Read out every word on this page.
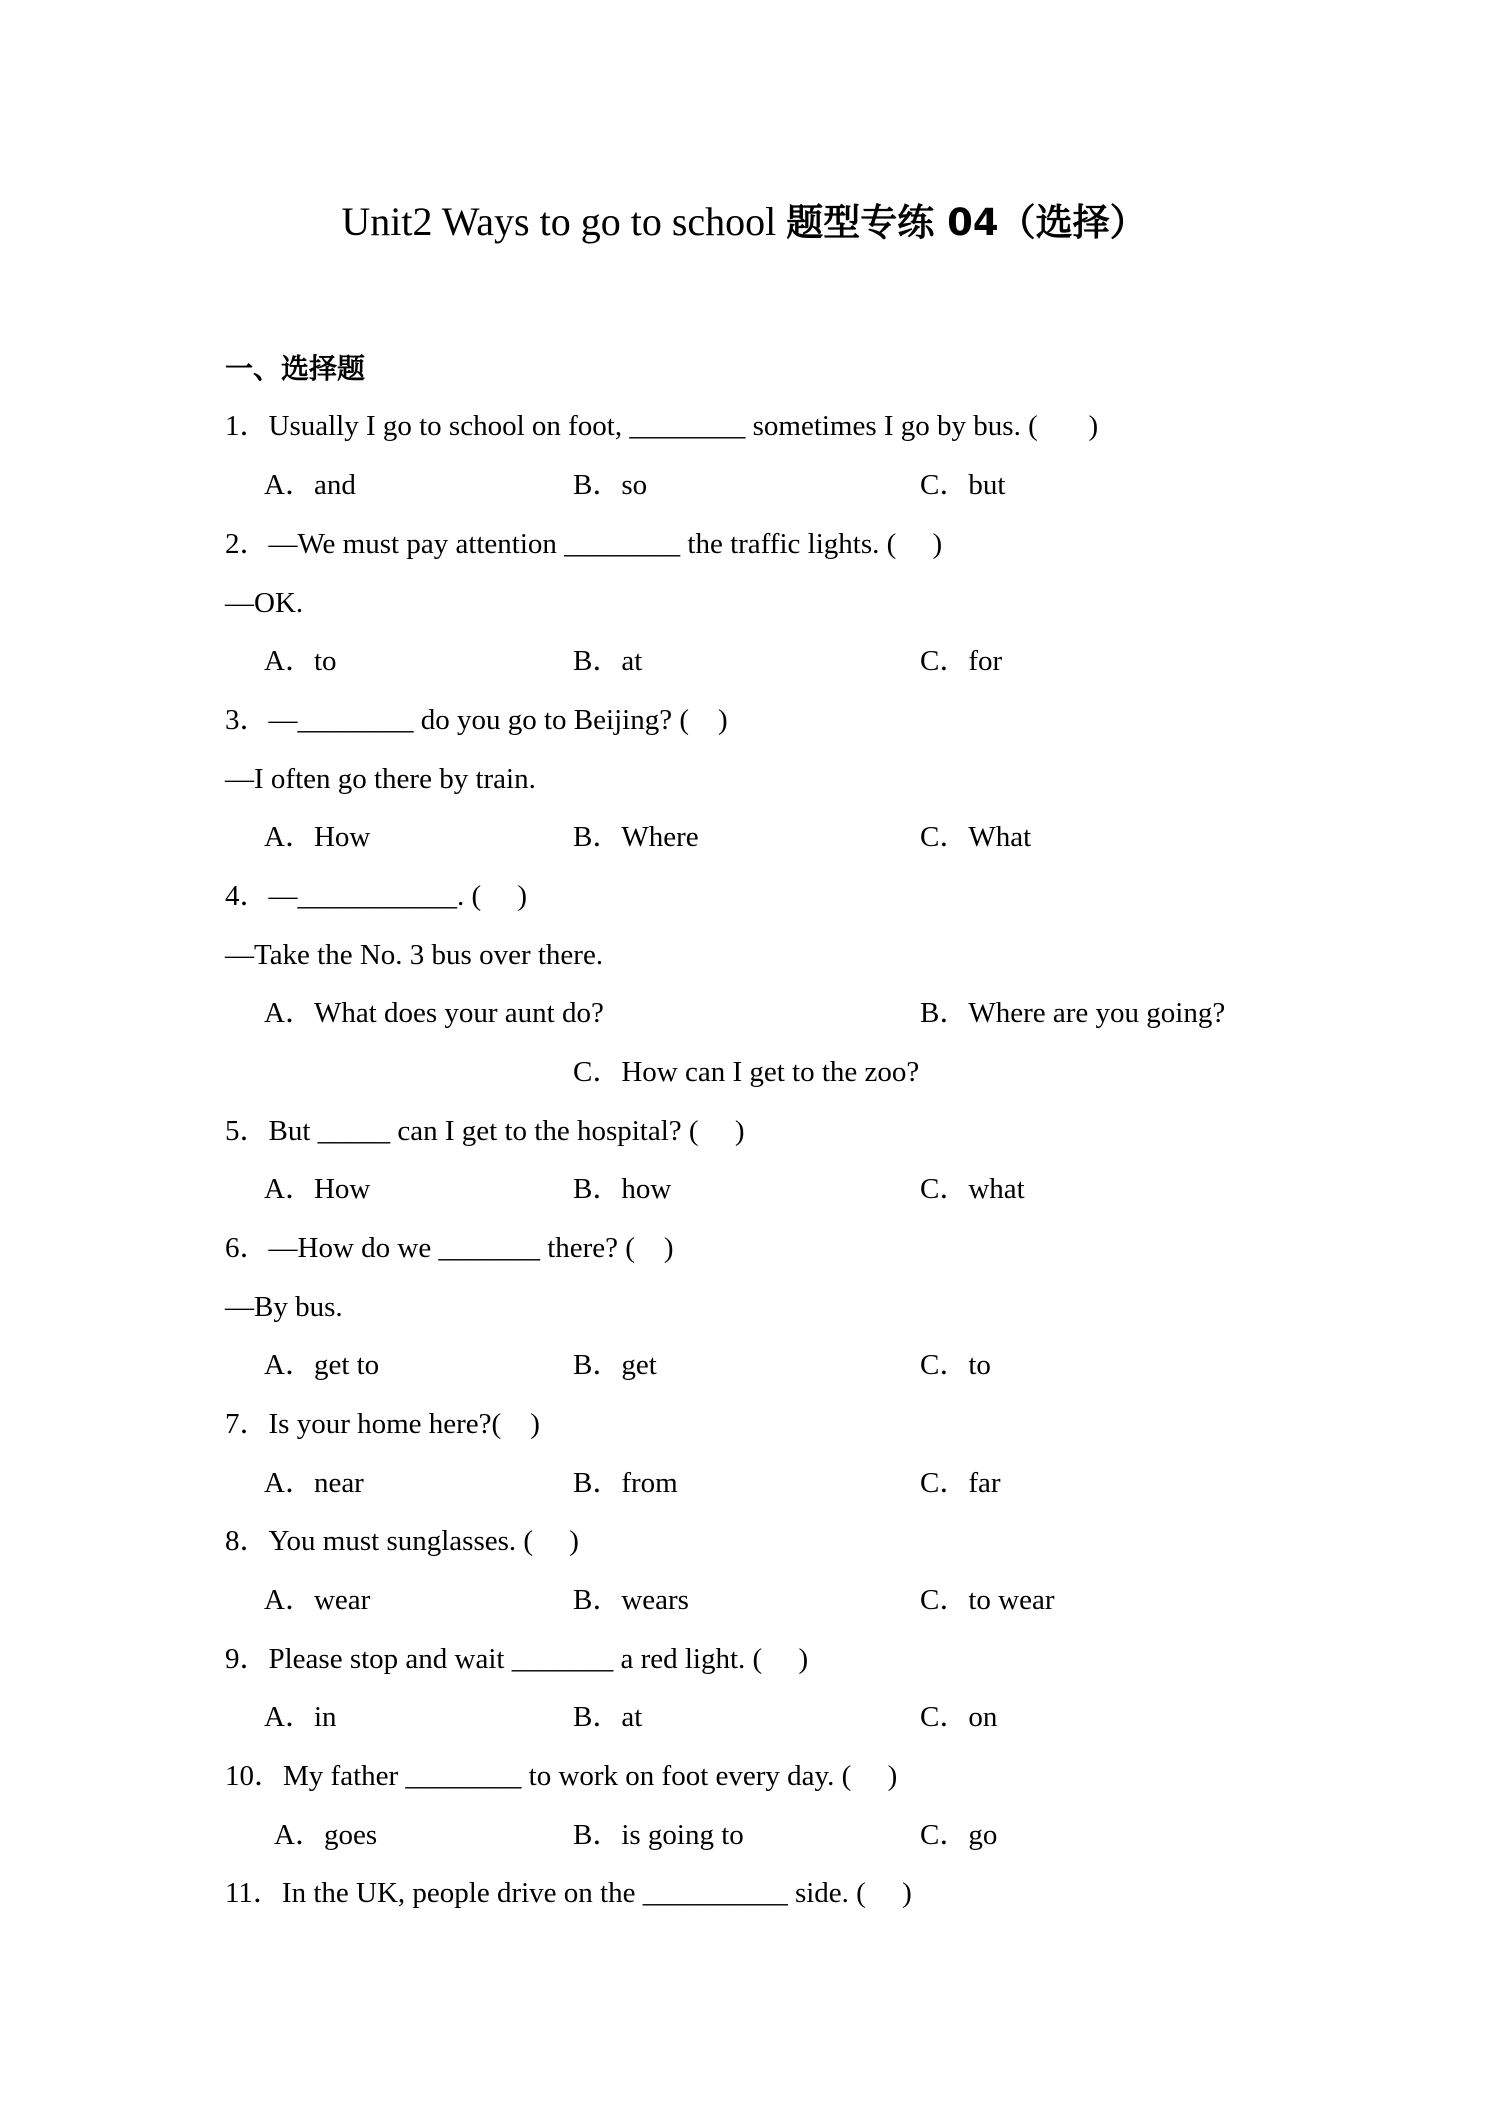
Unit2 Ways to go to school 题型专练 04（选择）
一、选择题
1．Usually I go to school on foot, ________ sometimes I go by bus. (       )
A．and	B．so	C．but
2．—We must pay attention ________ the traffic lights. (     )
—OK.
A．to	B．at	C．for
3．—________ do you go to Beijing? (    )
—I often go there by train.
A．How	B．Where	C．What
4．—___________. (     )
—Take the No. 3 bus over there.
A．What does your aunt do?	B．Where are you going?
C．How can I get to the zoo?
5．But _____ can I get to the hospital? (     )
A．How	B．how	C．what
6．—How do we _______ there? (    )
—By bus.
A．get to	B．get	C．to
7．Is your home here?(    )
A．near	B．from	C．far
8．You must sunglasses. (     )
A．wear	B．wears	C．to wear
9．Please stop and wait _______ a red light. (     )
A．in	B．at	C．on
10．My father ________ to work on foot every day. (     )
A．goes	B．is going to	C．go
11．In the UK, people drive on the __________ side. (     )
